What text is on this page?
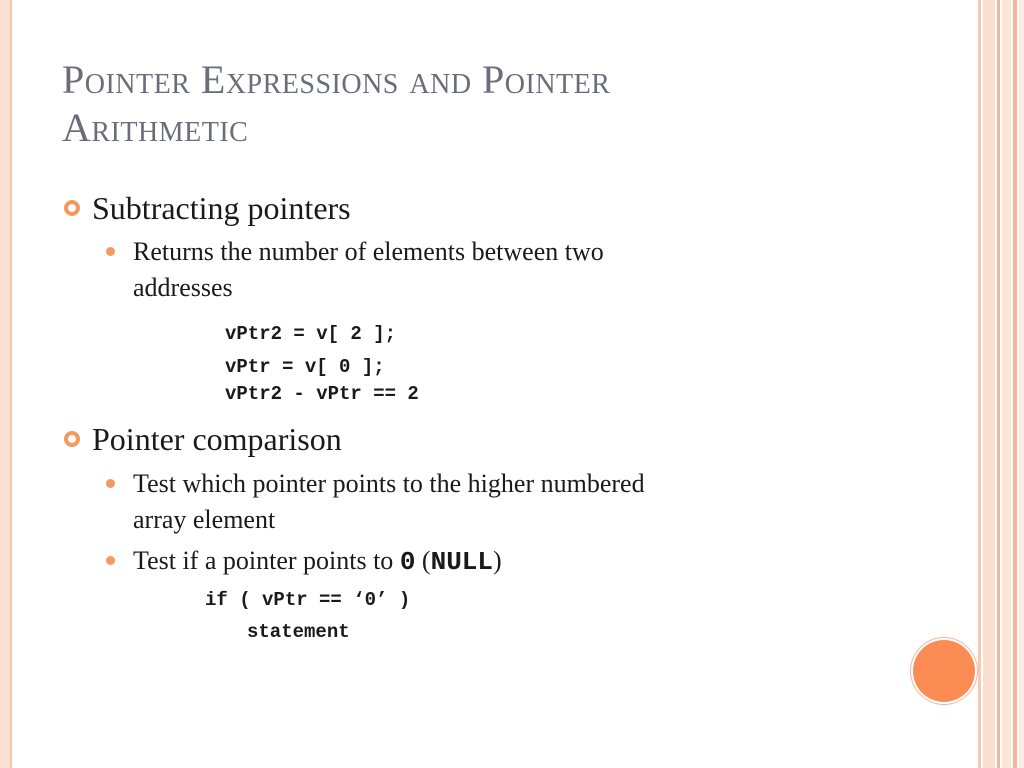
Pointer Expressions and Pointer
Arithmetic
Subtracting pointers
Returns the number of elements between two
addresses
vPtr2 = v[ 2 ];
vPtr = v[ 0 ];
vPtr2 - vPtr == 2
Pointer comparison
Test which pointer points to the higher numbered
array element
Test if a pointer points to 0 (NULL)
if ( vPtr == ‘0’ )
statement
